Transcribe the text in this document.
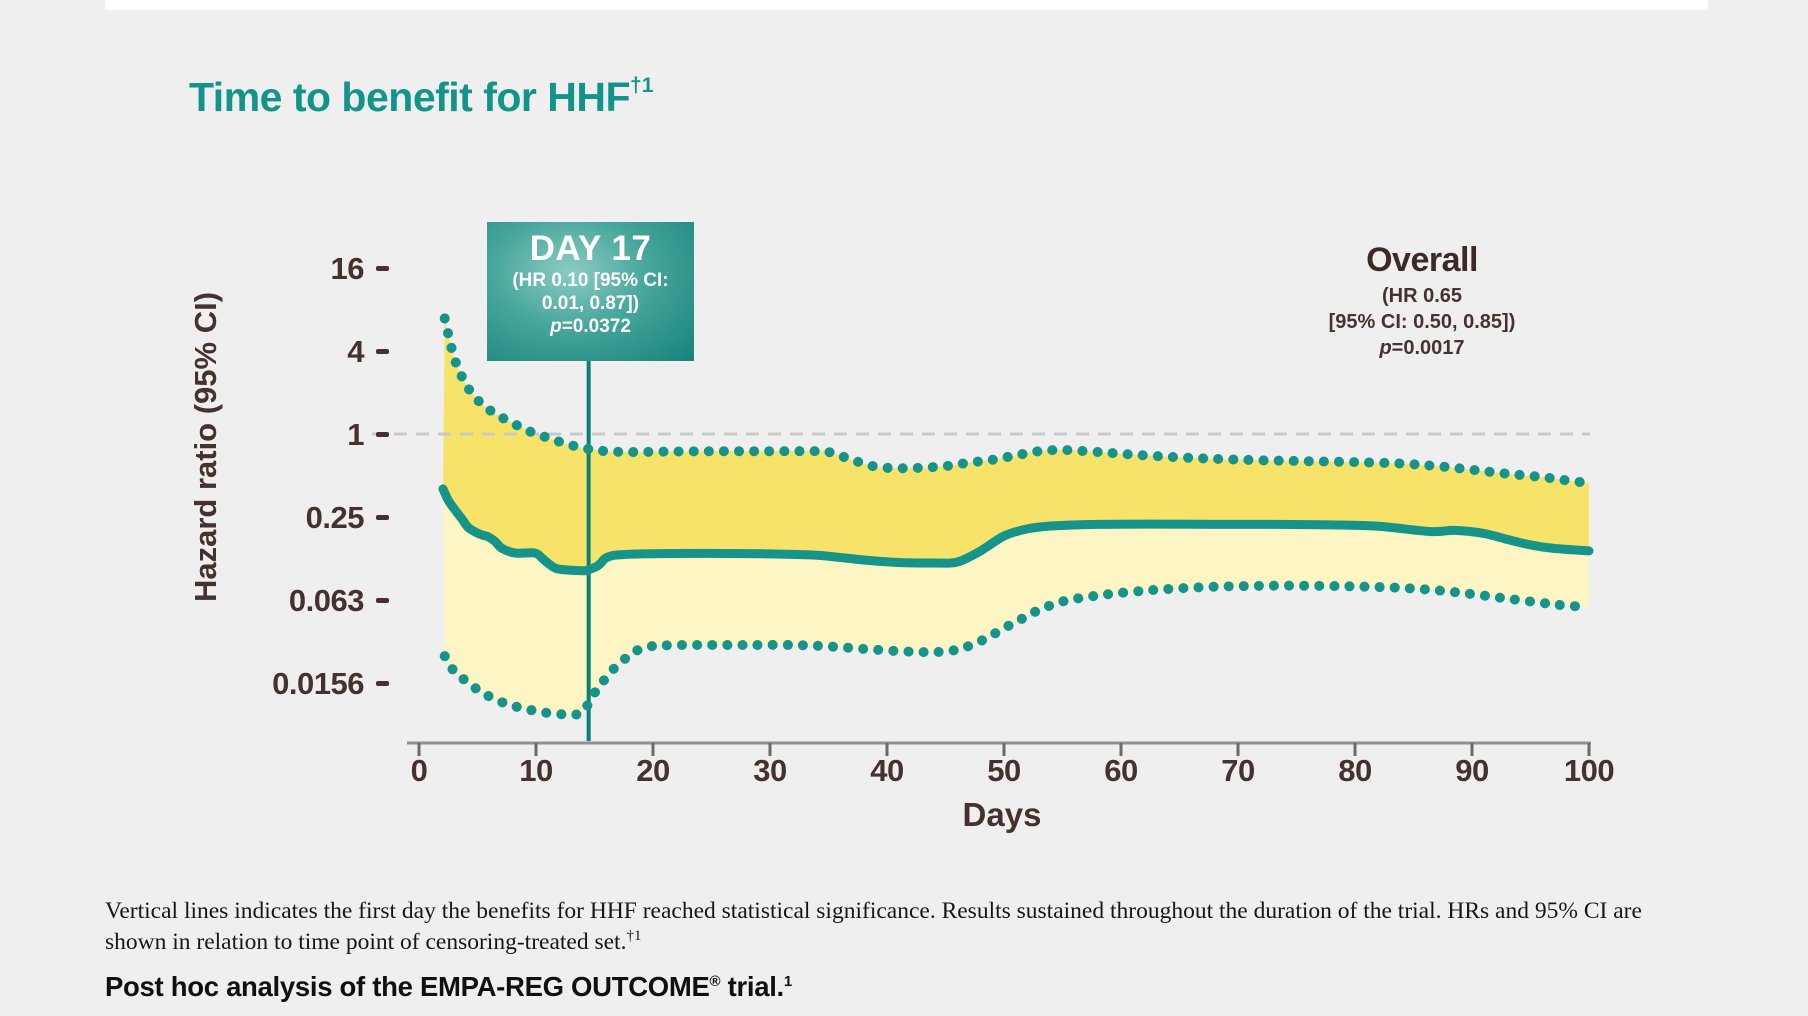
Time to benefit for HHF$^{\dagger 1}$
Hazard ratio (95% CI)
16
4
1
0.25
0.063
0.0156
0	10	20	30	40	50	60	70	80	90	100
DAY 17
(HR 0.10 [95% CI:
0.01, 0.87])
p=0.0372
Overall
(HR 0.65
[95% CI: 0.50, 0.85])
p=0.0017
Days
Vertical lines indicates the first day the benefits for HHF reached statistical significance. Results sustained throughout the duration of the trial. HRs and 95% CI are shown in relation to time point of censoring-treated set.$^{\dagger 1}$
Post hoc analysis of the EMPA-REG OUTCOME® trial.$^1$
